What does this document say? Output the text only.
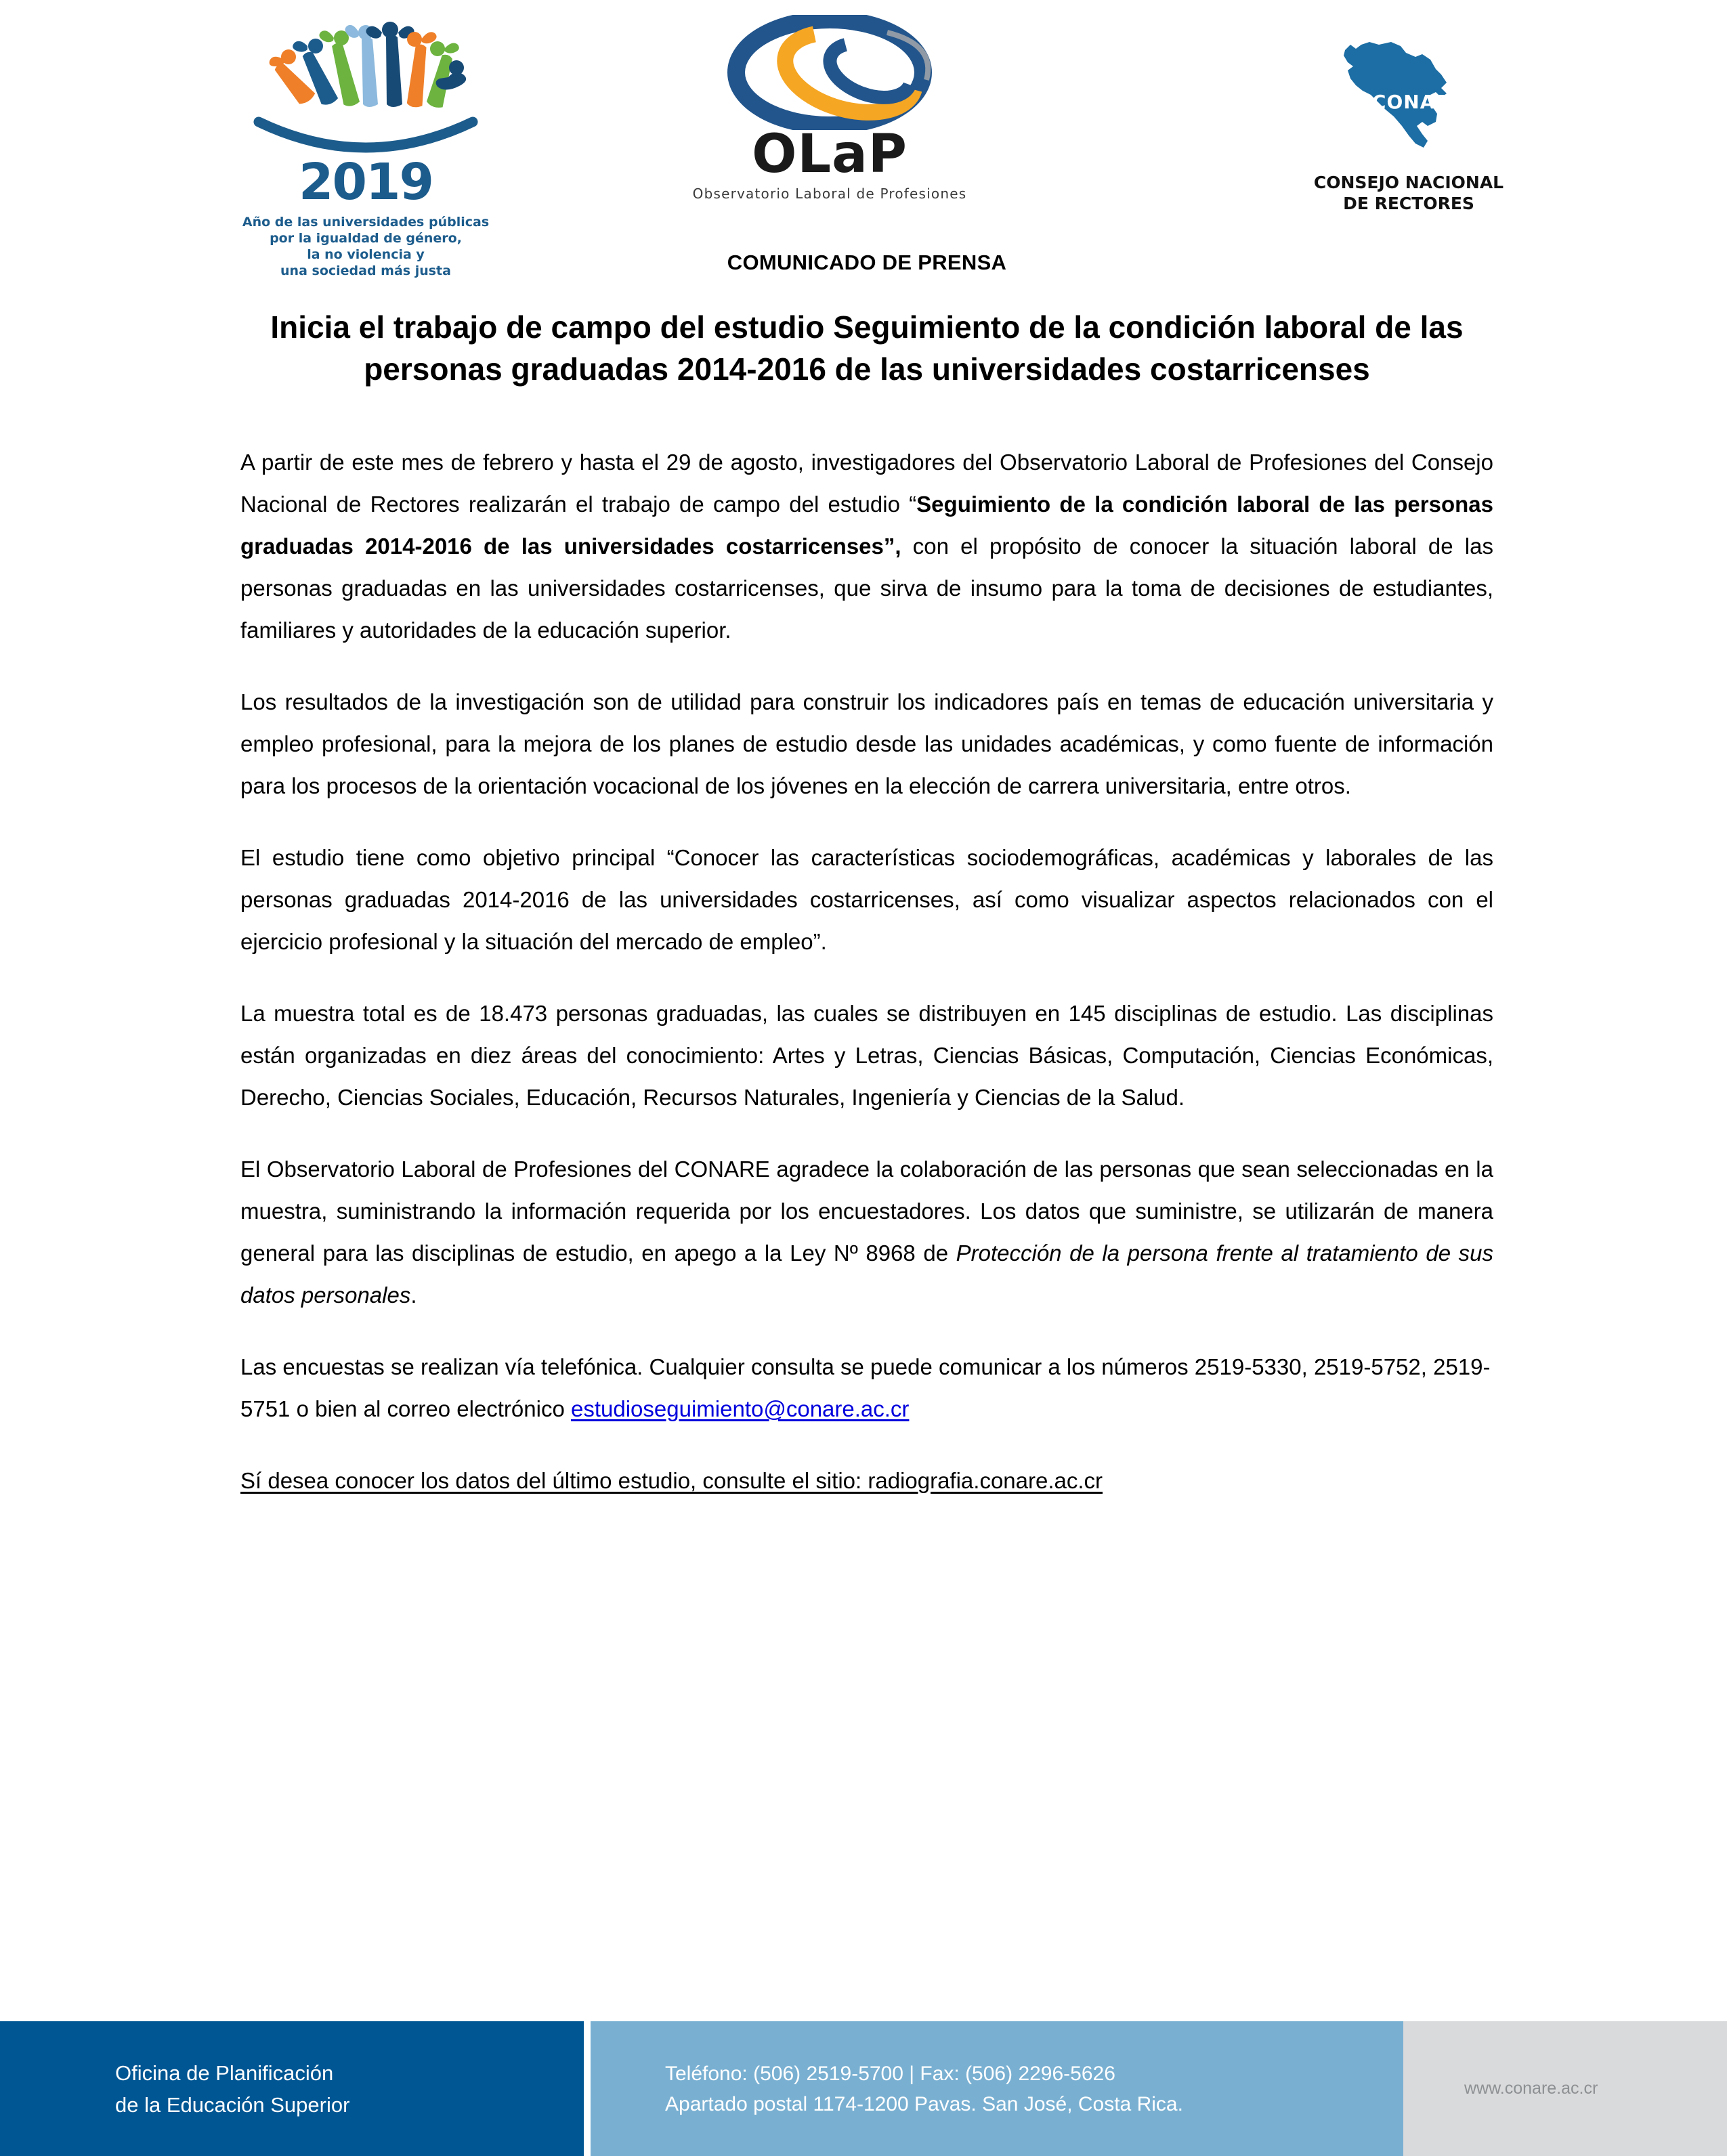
2019
Año de las universidades públicas
por la igualdad de género,
la no violencia y
una sociedad más justa
OLaP
Observatorio Laboral de Profesiones
CONARE
CONSEJO NACIONAL
DE RECTORES
COMUNICADO DE PRENSA
Inicia el trabajo de campo del estudio Seguimiento de la condición laboral de las personas graduadas 2014-2016 de las universidades costarricenses

A partir de este mes de febrero y hasta el 29 de agosto, investigadores del Observatorio Laboral de Profesiones del Consejo Nacional de Rectores realizarán el trabajo de campo del estudio “Seguimiento de la condición laboral de las personas graduadas 2014-2016 de las universidades costarricenses”, con el propósito de conocer la situación laboral de las personas graduadas en las universidades costarricenses, que sirva de insumo para la toma de decisiones de estudiantes, familiares y autoridades de la educación superior.

Los resultados de la investigación son de utilidad para construir los indicadores país en temas de educación universitaria y empleo profesional, para la mejora de los planes de estudio desde las unidades académicas, y como fuente de información para los procesos de la orientación vocacional de los jóvenes en la elección de carrera universitaria, entre otros.

El estudio tiene como objetivo principal “Conocer las características sociodemográficas, académicas y laborales de las personas graduadas 2014-2016 de las universidades costarricenses, así como visualizar aspectos relacionados con el ejercicio profesional y la situación del mercado de empleo”.

La muestra total es de 18.473 personas graduadas, las cuales se distribuyen en 145 disciplinas de estudio. Las disciplinas están organizadas en diez áreas del conocimiento: Artes y Letras, Ciencias Básicas, Computación, Ciencias Económicas, Derecho, Ciencias Sociales, Educación, Recursos Naturales, Ingeniería y Ciencias de la Salud.

El Observatorio Laboral de Profesiones del CONARE agradece la colaboración de las personas que sean seleccionadas en la muestra, suministrando la información requerida por los encuestadores. Los datos que suministre, se utilizarán de manera general para las disciplinas de estudio, en apego a la Ley Nº 8968 de Protección de la persona frente al tratamiento de sus datos personales.

Las encuestas se realizan vía telefónica. Cualquier consulta se puede comunicar a los números 2519-5330, 2519-5752, 2519-5751 o bien al correo electrónico estudioseguimiento@conare.ac.cr

Sí desea conocer los datos del último estudio, consulte el sitio: radiografia.conare.ac.cr

Oficina de Planificación
de la Educación Superior
Teléfono: (506) 2519-5700 | Fax: (506) 2296-5626
Apartado postal 1174-1200 Pavas. San José, Costa Rica.
www.conare.ac.cr
